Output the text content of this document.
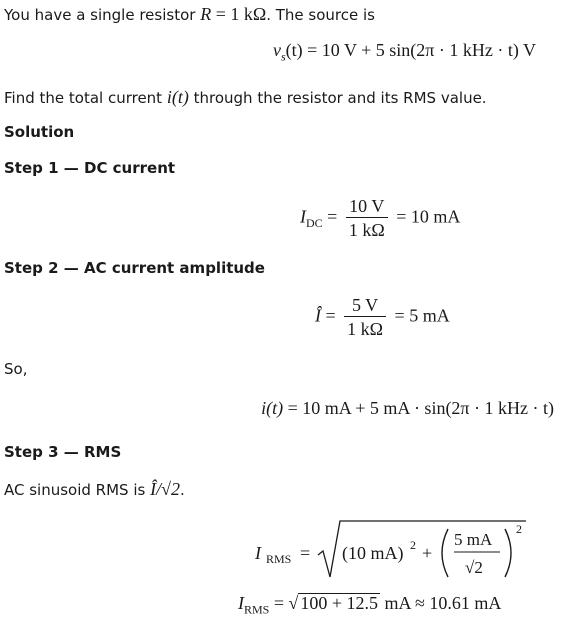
You have a single resistor R = 1 kΩ. The source is
$v_s(t) = 10$ V + 5 sin(2π · 1 kHz · t) V
Find the total current i(t) through the resistor and its RMS value.
Solution
Step 1 — DC current
$I_{DC} = \frac{10 V}{1 k\Omega} = 10$ mA
Step 2 — AC current amplitude
Î = $\frac{5 V}{1 k\Omega} = 5$ mA
So,
i(t) = 10 mA + 5 mA · sin(2π · 1 kHz · t)
Step 3 — RMS
AC sinusoid RMS is Î/√2.
I RMS = (10 mA) 2 +
5 mA
√2
2
$I_{RMS}$ = √ 100 + 12.5 mA ≈ 10.61 mA
